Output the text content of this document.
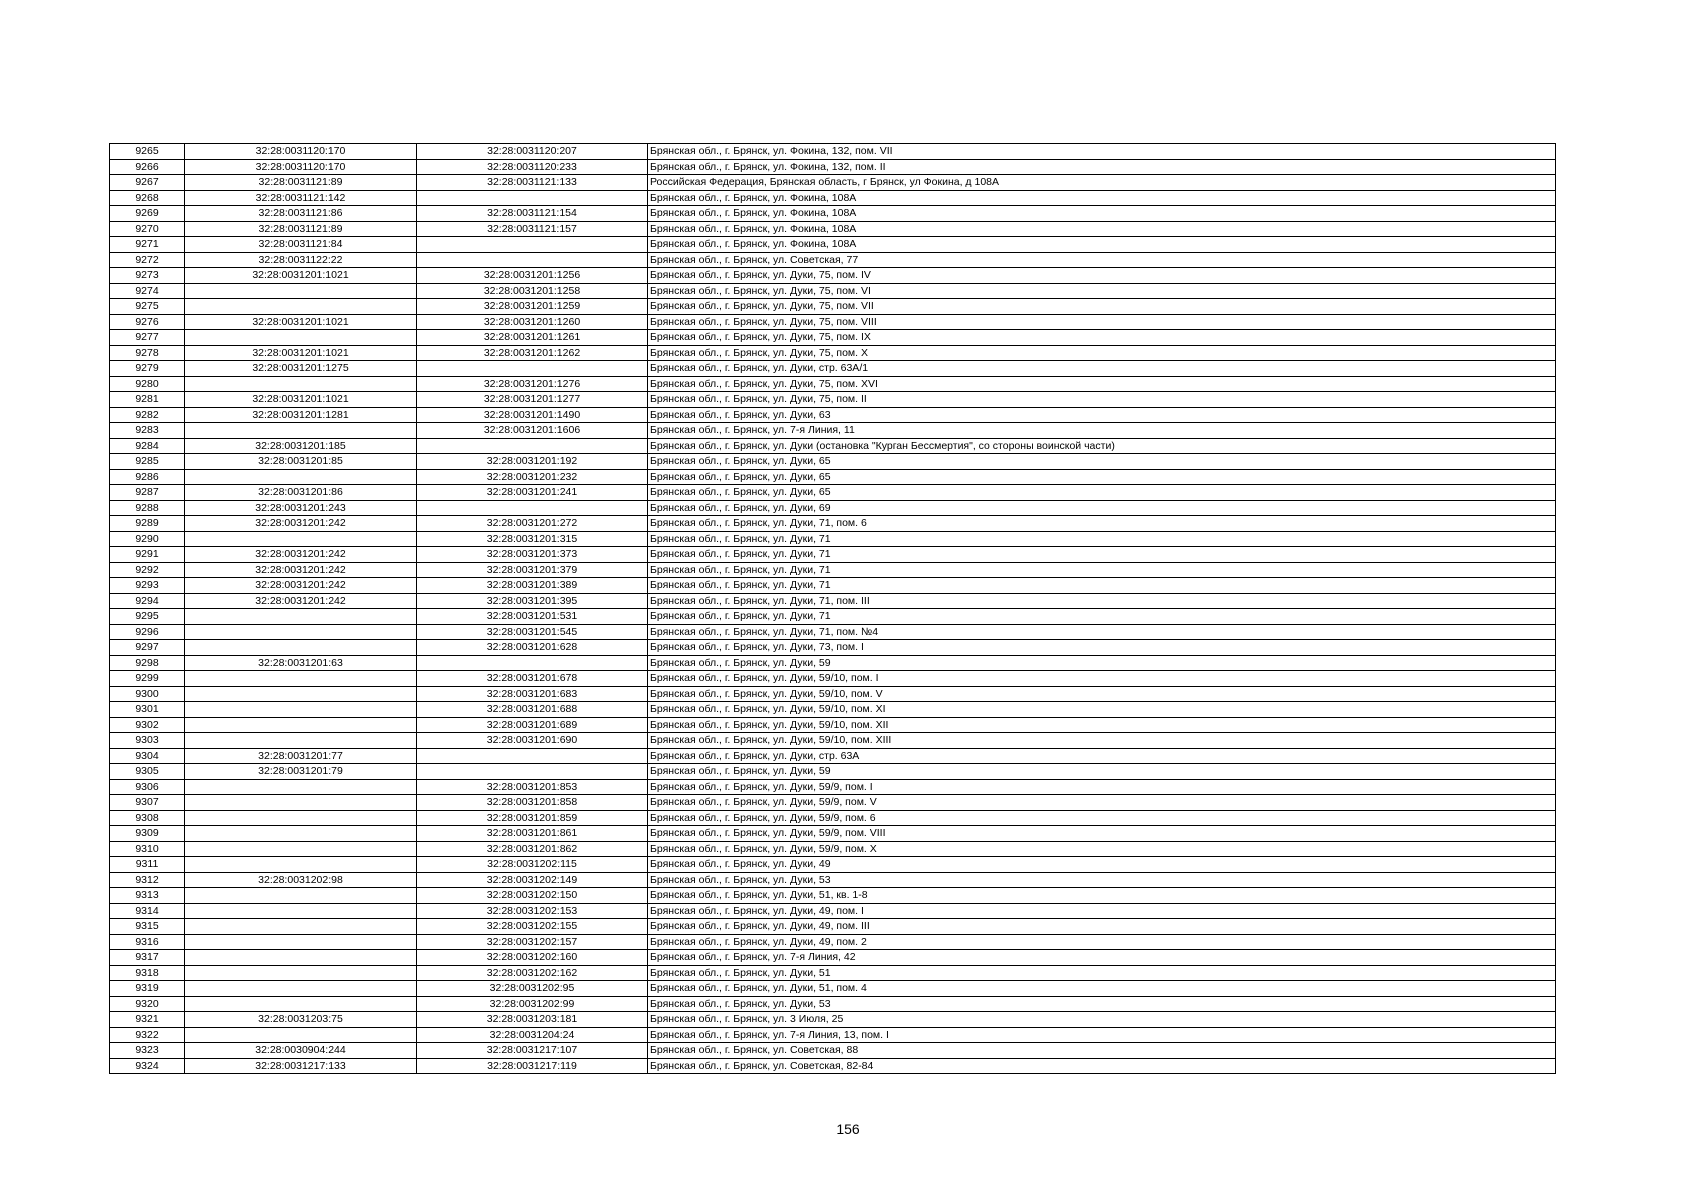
9265	32:28:0031120:170	32:28:0031120:207	Брянская обл., г. Брянск, ул. Фокина, 132, пом. VII
9266	32:28:0031120:170	32:28:0031120:233	Брянская обл., г. Брянск, ул. Фокина, 132, пом. II
9267	32:28:0031121:89	32:28:0031121:133	Российская Федерация, Брянская область, г Брянск, ул Фокина, д 108А
9268	32:28:0031121:142		Брянская обл., г. Брянск, ул. Фокина, 108А
9269	32:28:0031121:86	32:28:0031121:154	Брянская обл., г. Брянск, ул. Фокина, 108А
9270	32:28:0031121:89	32:28:0031121:157	Брянская обл., г. Брянск, ул. Фокина, 108А
9271	32:28:0031121:84		Брянская обл., г. Брянск, ул. Фокина, 108А
9272	32:28:0031122:22		Брянская обл., г. Брянск, ул. Советская, 77
9273	32:28:0031201:1021	32:28:0031201:1256	Брянская обл., г. Брянск, ул. Дуки, 75, пом. IV
9274		32:28:0031201:1258	Брянская обл., г. Брянск, ул. Дуки, 75, пом. VI
9275		32:28:0031201:1259	Брянская обл., г. Брянск, ул. Дуки, 75, пом. VII
9276	32:28:0031201:1021	32:28:0031201:1260	Брянская обл., г. Брянск, ул. Дуки, 75, пом. VIII
9277		32:28:0031201:1261	Брянская обл., г. Брянск, ул. Дуки, 75, пом. IX
9278	32:28:0031201:1021	32:28:0031201:1262	Брянская обл., г. Брянск, ул. Дуки, 75, пом. X
9279	32:28:0031201:1275		Брянская обл., г. Брянск, ул. Дуки, стр. 63А/1
9280		32:28:0031201:1276	Брянская обл., г. Брянск, ул. Дуки, 75, пом. XVI
9281	32:28:0031201:1021	32:28:0031201:1277	Брянская обл., г. Брянск, ул. Дуки, 75, пом. II
9282	32:28:0031201:1281	32:28:0031201:1490	Брянская обл., г. Брянск, ул. Дуки, 63
9283		32:28:0031201:1606	Брянская обл., г. Брянск, ул. 7-я Линия, 11
9284	32:28:0031201:185		Брянская обл., г. Брянск, ул. Дуки (остановка "Курган Бессмертия", со стороны воинской части)
9285	32:28:0031201:85	32:28:0031201:192	Брянская обл., г. Брянск, ул. Дуки, 65
9286		32:28:0031201:232	Брянская обл., г. Брянск, ул. Дуки, 65
9287	32:28:0031201:86	32:28:0031201:241	Брянская обл., г. Брянск, ул. Дуки, 65
9288	32:28:0031201:243		Брянская обл., г. Брянск, ул. Дуки, 69
9289	32:28:0031201:242	32:28:0031201:272	Брянская обл., г. Брянск, ул. Дуки, 71, пом. 6
9290		32:28:0031201:315	Брянская обл., г. Брянск, ул. Дуки, 71
9291	32:28:0031201:242	32:28:0031201:373	Брянская обл., г. Брянск, ул. Дуки, 71
9292	32:28:0031201:242	32:28:0031201:379	Брянская обл., г. Брянск, ул. Дуки, 71
9293	32:28:0031201:242	32:28:0031201:389	Брянская обл., г. Брянск, ул. Дуки, 71
9294	32:28:0031201:242	32:28:0031201:395	Брянская обл., г. Брянск, ул. Дуки, 71, пом. III
9295		32:28:0031201:531	Брянская обл., г. Брянск, ул. Дуки, 71
9296		32:28:0031201:545	Брянская обл., г. Брянск, ул. Дуки, 71, пом. №4
9297		32:28:0031201:628	Брянская обл., г. Брянск, ул. Дуки, 73, пом. I
9298	32:28:0031201:63		Брянская обл., г. Брянск, ул. Дуки, 59
9299		32:28:0031201:678	Брянская обл., г. Брянск, ул. Дуки, 59/10, пом. I
9300		32:28:0031201:683	Брянская обл., г. Брянск, ул. Дуки, 59/10, пом. V
9301		32:28:0031201:688	Брянская обл., г. Брянск, ул. Дуки, 59/10, пом. XI
9302		32:28:0031201:689	Брянская обл., г. Брянск, ул. Дуки, 59/10, пом. XII
9303		32:28:0031201:690	Брянская обл., г. Брянск, ул. Дуки, 59/10, пом. XIII
9304	32:28:0031201:77		Брянская обл., г. Брянск, ул. Дуки, стр. 63А
9305	32:28:0031201:79		Брянская обл., г. Брянск, ул. Дуки, 59
9306		32:28:0031201:853	Брянская обл., г. Брянск, ул. Дуки, 59/9, пом. I
9307		32:28:0031201:858	Брянская обл., г. Брянск, ул. Дуки, 59/9, пом. V
9308		32:28:0031201:859	Брянская обл., г. Брянск, ул. Дуки, 59/9, пом. 6
9309		32:28:0031201:861	Брянская обл., г. Брянск, ул. Дуки, 59/9, пом. VIII
9310		32:28:0031201:862	Брянская обл., г. Брянск, ул. Дуки, 59/9, пом. X
9311		32:28:0031202:115	Брянская обл., г. Брянск, ул. Дуки, 49
9312	32:28:0031202:98	32:28:0031202:149	Брянская обл., г. Брянск, ул. Дуки, 53
9313		32:28:0031202:150	Брянская обл., г. Брянск, ул. Дуки, 51, кв. 1-8
9314		32:28:0031202:153	Брянская обл., г. Брянск, ул. Дуки, 49, пом. I
9315		32:28:0031202:155	Брянская обл., г. Брянск, ул. Дуки, 49, пом. III
9316		32:28:0031202:157	Брянская обл., г. Брянск, ул. Дуки, 49, пом. 2
9317		32:28:0031202:160	Брянская обл., г. Брянск, ул. 7-я Линия, 42
9318		32:28:0031202:162	Брянская обл., г. Брянск, ул. Дуки, 51
9319		32:28:0031202:95	Брянская обл., г. Брянск, ул. Дуки, 51, пом. 4
9320		32:28:0031202:99	Брянская обл., г. Брянск, ул. Дуки, 53
9321	32:28:0031203:75	32:28:0031203:181	Брянская обл., г. Брянск, ул. 3 Июля, 25
9322		32:28:0031204:24	Брянская обл., г. Брянск, ул. 7-я Линия, 13, пом. I
9323	32:28:0030904:244	32:28:0031217:107	Брянская обл., г. Брянск, ул. Советская, 88
9324	32:28:0031217:133	32:28:0031217:119	Брянская обл., г. Брянск, ул. Советская, 82-84
156
